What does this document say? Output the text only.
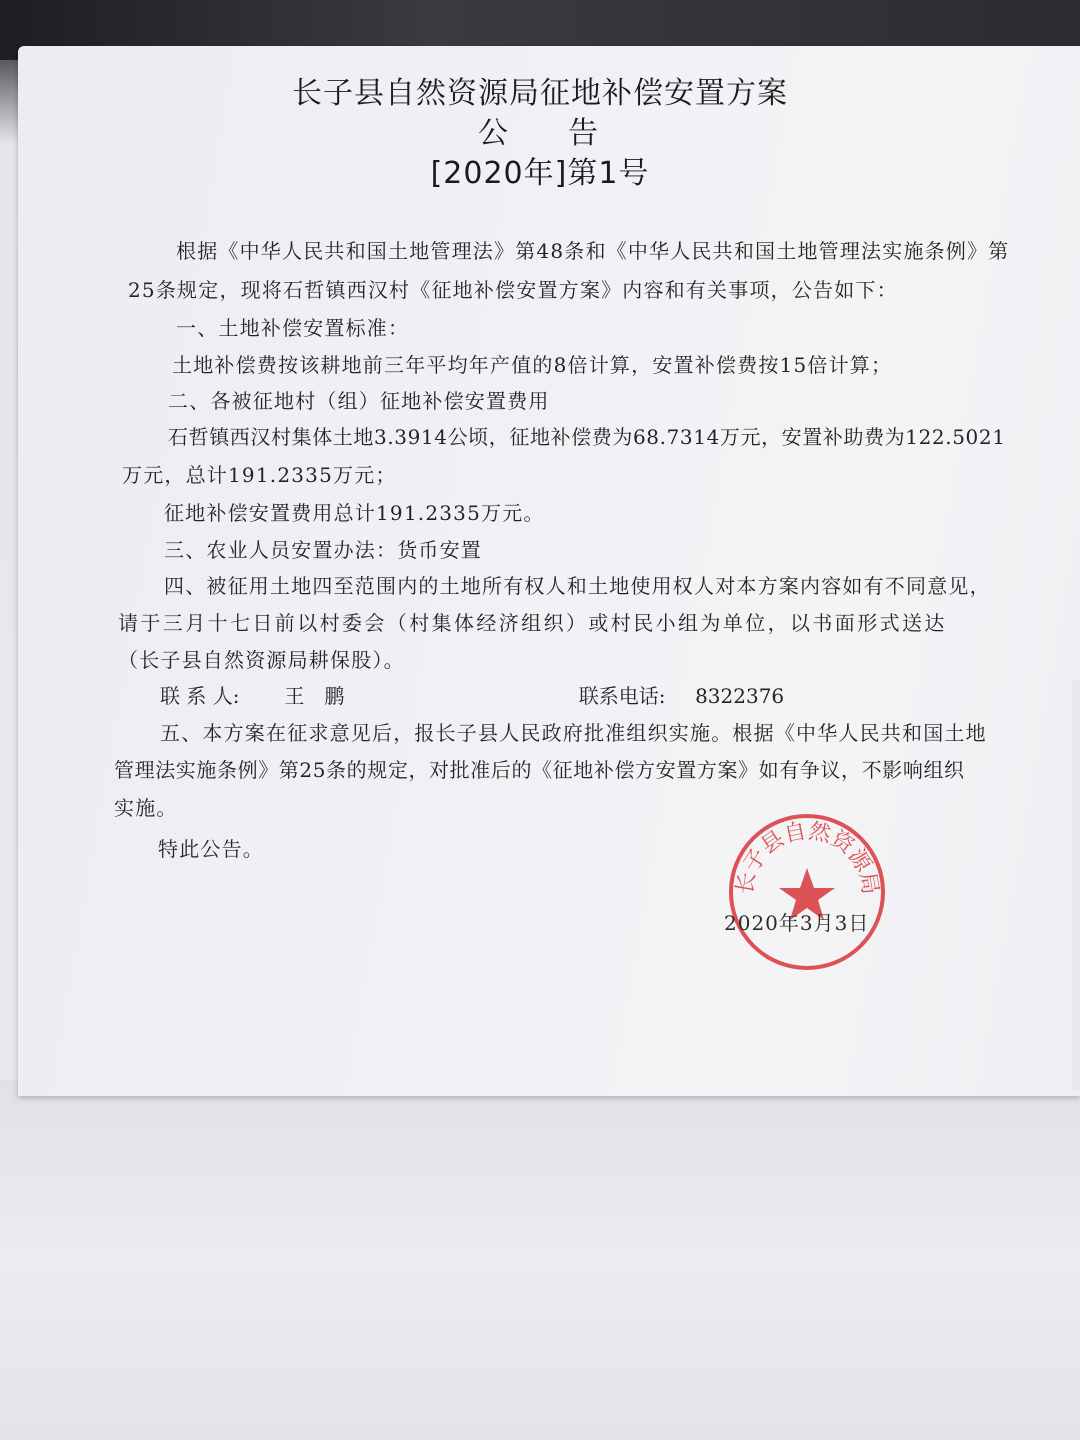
长子县自然资源局征地补偿安置方案
公告
[2020年]第1号
根据《中华人民共和国土地管理法》第48条和《中华人民共和国土地管理法实施条例》第
25条规定，现将石哲镇西汉村《征地补偿安置方案》内容和有关事项，公告如下：
一、土地补偿安置标准：
土地补偿费按该耕地前三年平均年产值的8倍计算，安置补偿费按15倍计算；
二、各被征地村（组）征地补偿安置费用
石哲镇西汉村集体土地3.3914公顷，征地补偿费为68.7314万元，安置补助费为122.5021
万元，总计191.2335万元；
征地补偿安置费用总计191.2335万元。
三、农业人员安置办法：货币安置
四、被征用土地四至范围内的土地所有权人和土地使用权人对本方案内容如有不同意见，
请于三月十七日前以村委会（村集体经济组织）或村民小组为单位，以书面形式送达
（长子县自然资源局耕保股）。
联 系 人: 王　鹏	联系电话: 8322376
五、本方案在征求意见后，报长子县人民政府批准组织实施。根据《中华人民共和国土地
管理法实施条例》第25条的规定，对批准后的《征地补偿方安置方案》如有争议，不影响组织
实施。
特此公告。
长子县自然资源局
2020年3月3日
